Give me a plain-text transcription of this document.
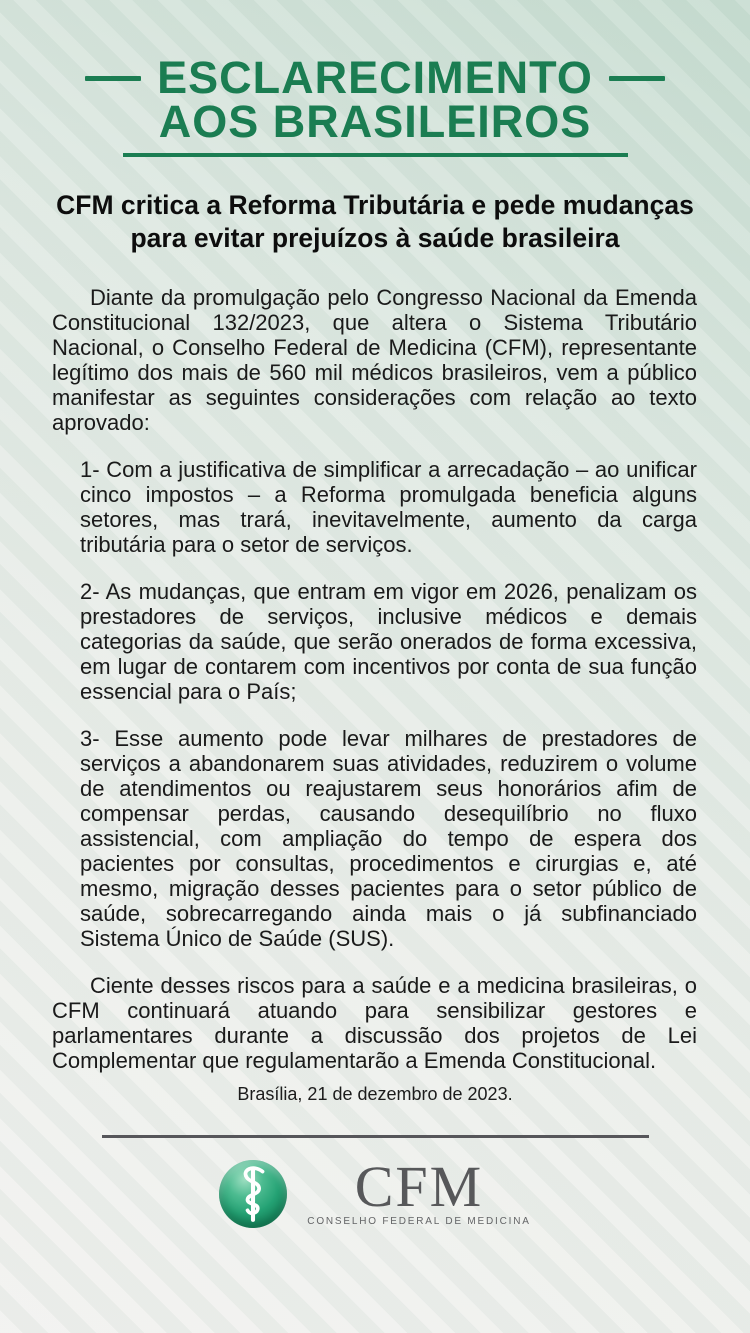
ESCLARECIMENTO
AOS BRASILEIROS
CFM critica a Reforma Tributária e pede mudanças
para evitar prejuízos à saúde brasileira

Diante da promulgação pelo Congresso Nacional da Emenda Constitucional 132/2023, que altera o Sistema Tributário Nacional, o Conselho Federal de Medicina (CFM), representante legítimo dos mais de 560 mil médicos brasileiros, vem a público manifestar as seguintes considerações com relação ao texto aprovado:

1- Com a justificativa de simplificar a arrecadação – ao unificar cinco impostos – a Reforma promulgada beneficia alguns setores, mas trará, inevitavelmente, aumento da carga tributária para o setor de serviços.

2- As mudanças, que entram em vigor em 2026, penalizam os prestadores de serviços, inclusive médicos e demais categorias da saúde, que serão onerados de forma excessiva, em lugar de contarem com incentivos por conta de sua função essencial para o País;

3- Esse aumento pode levar milhares de prestadores de serviços a abandonarem suas atividades, reduzirem o volume de atendimentos ou reajustarem seus honorários afim de compensar perdas, causando desequilíbrio no fluxo assistencial, com ampliação do tempo de espera dos pacientes por consultas, procedimentos e cirurgias e, até mesmo, migração desses pacientes para o setor público de saúde, sobrecarregando ainda mais o já subfinanciado Sistema Único de Saúde (SUS).

Ciente desses riscos para a saúde e a medicina brasileiras, o CFM continuará atuando para sensibilizar gestores e parlamentares durante a discussão dos projetos de Lei Complementar que regulamentarão a Emenda Constitucional.

Brasília, 21 de dezembro de 2023.
CFM
CONSELHO FEDERAL DE MEDICINA
